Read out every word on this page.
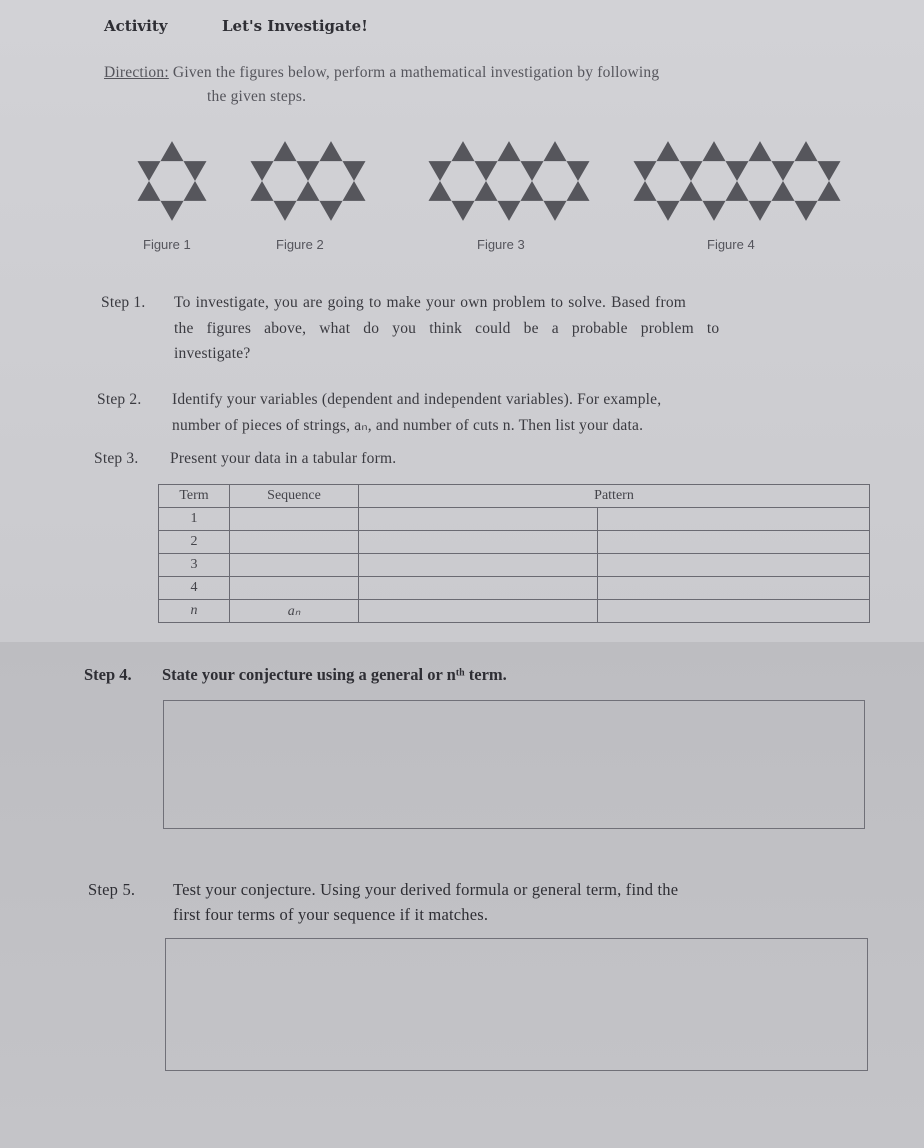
Activity	Let's Investigate!
Direction: Given the figures below, perform a mathematical investigation by following
the given steps.
Figure 1	Figure 2	Figure 3	Figure 4
Step 1. To investigate, you are going to make your own problem to solve. Based from
the figures above, what do you think could be a probable problem to
investigate?
Step 2. Identify your variables (dependent and independent variables). For example,
number of pieces of strings, aₙ, and number of cuts n. Then list your data.
Step 3. Present your data in a tabular form.
Term	Sequence	Pattern	
1			
2			
3			
4			
n	aₙ		
Step 4. State your conjecture using a general or nᵗʰ term.
Step 5. Test your conjecture. Using your derived formula or general term, find the
first four terms of your sequence if it matches.
